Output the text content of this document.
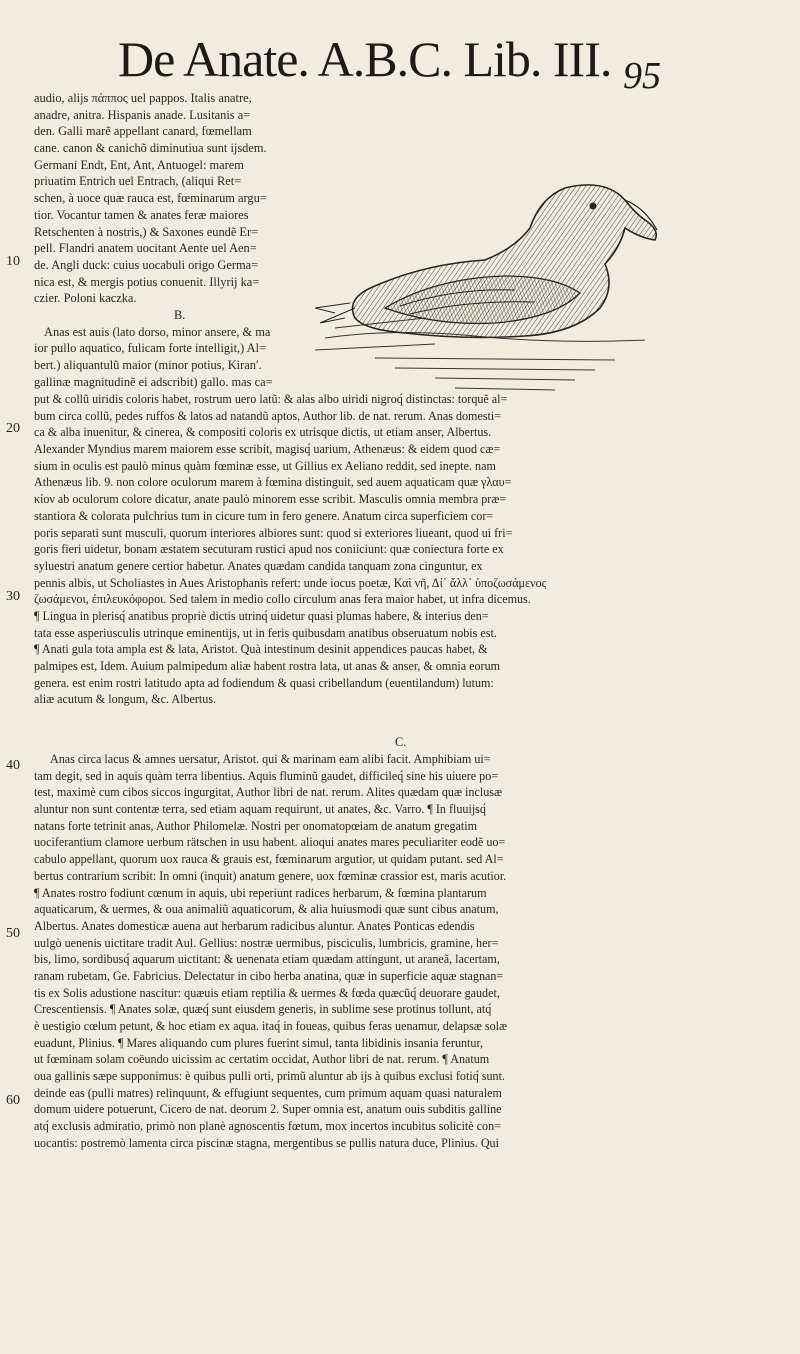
De Anate. A.B.C. Lib. III. 95
audio, alijs πάππος uel pappos. Italis anatre,
anadre, anitra. Hispanis anade. Lusitanis a=
den. Galli marẽ appellant canard, fœmellam
cane. canon & canichõ diminutiua sunt ijsdem.
Germani Endt, Ent, Ant, Antuogel: marem
priuatim Entrich uel Entrach, (aliqui Ret=
schen, à uoce quæ rauca est, fœminarum argu=
tior. Vocantur tamen & anates feræ maiores
Retschenten à nostris,) & Saxones eundẽ Er=
pell. Flandri anatem uocitant Aente uel Aen=
de. Angli duck: cuius uocabuli origo Germa=
nica est, & mergis potius conuenit. Illyrij ka=
czier. Poloni kaczka.
B.
Anas est auis (lato dorso, minor ansere, & ma
ior pullo aquatico, fulicam forte intelligit,) Al=
bert.) aliquantulũ maior (minor potius, Kiranʹ.
gallinæ magnitudinẽ ei adscribit) gallo. mas ca=
put & collũ uiridis coloris habet, rostrum uero latũ: & alas albo uiridi nigroq́ distinctas: torquẽ al=
bum circa collũ, pedes ruffos & latos ad natandũ aptos, Author lib. de nat. rerum. Anas domesti=
ca & alba inuenitur, & cinerea, & compositi coloris ex utrisque dictis, ut etiam anser, Albertus.
Alexander Myndius marem maiorem esse scribit, magisq́ uarium, Athenæus: & eidem quod cæ=
sium in oculis est paulò minus quàm fœminæ esse, ut Gillius ex Aeliano reddit, sed inepte. nam
Athenæus lib. 9. non colore oculorum marem à fœmina distinguit, sed auem aquaticam quæ γλαυ=
κίον ab oculorum colore dicatur, anate paulò minorem esse scribit. Masculis omnia membra præ=
stantiora & colorata pulchrius tum in cicure tum in fero genere. Anatum circa superficiem cor=
poris separati sunt musculi, quorum interiores albiores sunt: quod si exteriores liueant, quod ui fri=
goris fieri uidetur, bonam æstatem secuturam rustici apud nos coniiciunt: quæ coniectura forte ex
syluestri anatum genere certior habetur. Anates quædam candida tanquam zona cinguntur, ex
pennis albis, ut Scholiastes in Aues Aristophanis refert: unde iocus poetæ, Καὶ νῆ, Δί᾽ ἄλλ᾽ ὑποζωσάμενος
ζωσάμενοι, ἐπιλευκόφοροι. Sed talem in medio collo circulum anas fera maior habet, ut infra dicemus.
¶ Lingua in plerisq́ anatibus propriè dictis utrinq́ uidetur quasi plumas habere, & interius den=
tata esse asperiusculis utrinque eminentijs, ut in feris quibusdam anatibus obseruatum nobis est.
¶ Anati gula tota ampla est & lata, Aristot. Quà intestinum desinit appendices paucas habet, &
palmipes est, Idem. Auium palmipedum aliæ habent rostra lata, ut anas & anser, & omnia eorum
genera. est enim rostri latitudo apta ad fodiendum & quasi cribellandum (euentilandum) lutum:
aliæ acutum & longum, &c. Albertus.
C.
Anas circa lacus & amnes uersatur, Aristot. qui & marinam eam alibi facit. Amphibiam ui=
tam degit, sed in aquis quàm terra libentius. Aquis fluminũ gaudet, difficileq́ sine his uiuere po=
test, maximè cum cibos siccos ingurgitat, Author libri de nat. rerum. Alites quædam quæ inclusæ
aluntur non sunt contentæ terra, sed etiam aquam requirunt, ut anates, &c. Varro. ¶ In fluuijsq́
natans forte tetrinit anas, Author Philomelæ. Nostri per onomatopœiam de anatum gregatim
uociferantium clamore uerbum rätschen in usu habent. alioqui anates mares peculiariter eodẽ uo=
cabulo appellant, quorum uox rauca & grauis est, fœminarum argutior, ut quidam putant. sed Al=
bertus contrarium scribit: In omni (inquit) anatum genere, uox fœminæ crassior est, maris acutior.
¶ Anates rostro fodiunt cœnum in aquis, ubi reperiunt radices herbarum, & fœmina plantarum
aquaticarum, & uermes, & oua animaliũ aquaticorum, & alia huiusmodi quæ sunt cibus anatum,
Albertus. Anates domesticæ auena aut herbarum radicibus aluntur. Anates Ponticas edendis
uulgò uenenis uictitare tradit Aul. Gellius: nostræ uermibus, pisciculis, lumbricis, gramine, her=
bis, limo, sordibusq́ aquarum uictitant: & uenenata etiam quædam attingunt, ut araneã, lacertam,
ranam rubetam, Ge. Fabricius. Delectatur in cibo herba anatina, quæ in superficie aquæ stagnan=
tis ex Solis adustione nascitur: quæuis etiam reptilia & uermes & fœda quæcũq́ deuorare gaudet,
Crescentiensis. ¶ Anates solæ, quæq́ sunt eiusdem generis, in sublime sese protinus tollunt, atq́
è uestigio cœlum petunt, & hoc etiam ex aqua. itaq́ in foueas, quibus feras uenamur, delapsæ solæ
euadunt, Plinius. ¶ Mares aliquando cum plures fuerint simul, tanta libidinis insania feruntur,
ut fœminam solam coëundo uicissim ac certatim occidat, Author libri de nat. rerum. ¶ Anatum
oua gallinis sæpe supponimus: è quibus pulli orti, primũ aluntur ab ijs à quibus exclusi fotiq́ sunt.
deinde eas (pulli matres) relinquunt, & effugiunt sequentes, cum primum aquam quasi naturalem
domum uidere potuerunt, Cicero de nat. deorum 2. Super omnia est, anatum ouis subditis galline
atq́ exclusis admiratio, primò non planè agnoscentis fœtum, mox incertos incubitus solicitè con=
uocantis: postremò lamenta circa piscinæ stagna, mergentibus se pullis natura duce, Plinius. Qui
10
20
30
40
50
60
